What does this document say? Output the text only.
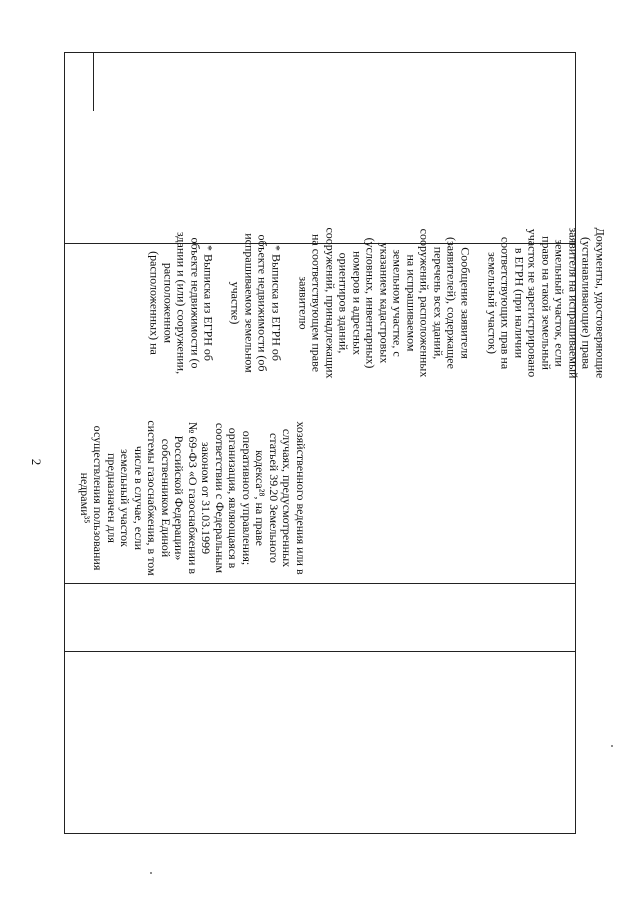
2
Документы, удостоверяющие
(устанавливающие) права
заявителя на испрашиваемый
земельный участок, если
право на такой земельный
участок не зарегистрировано
в ЕГРН (при наличии
соответствующих прав на
земельный участок)

Сообщение заявителя
(заявителей), содержащее
перечень всех зданий,
сооружений, расположенных
на испрашиваемом
земельном участке, с
указанием кадастровых
(условных, инвентарных)
номеров и адресных
ориентиров зданий,
сооружений, принадлежащих
на соответствующем праве
заявителю

* Выписка из ЕГРН об
объекте недвижимости (об
испрашиваемом земельном
участке)

* Выписка из ЕГРН об
объекте недвижимости (о
здании и (или) сооружении,
расположенном
(расположенных) на
хозяйственного ведения или в
случаях, предусмотренных
статьей 39.20 Земельного
кодекса²⁸, на праве
оперативного управления;
организация, являющаяся в
соответствии с Федеральным
законом от 31.03.1999
№ 69-ФЗ «О газоснабжении в
Российской Федерации»
собственником Единой
системы газоснабжения, в том
числе в случае, если
земельный участок
предназначен для
осуществления пользования
недрами³⁵
